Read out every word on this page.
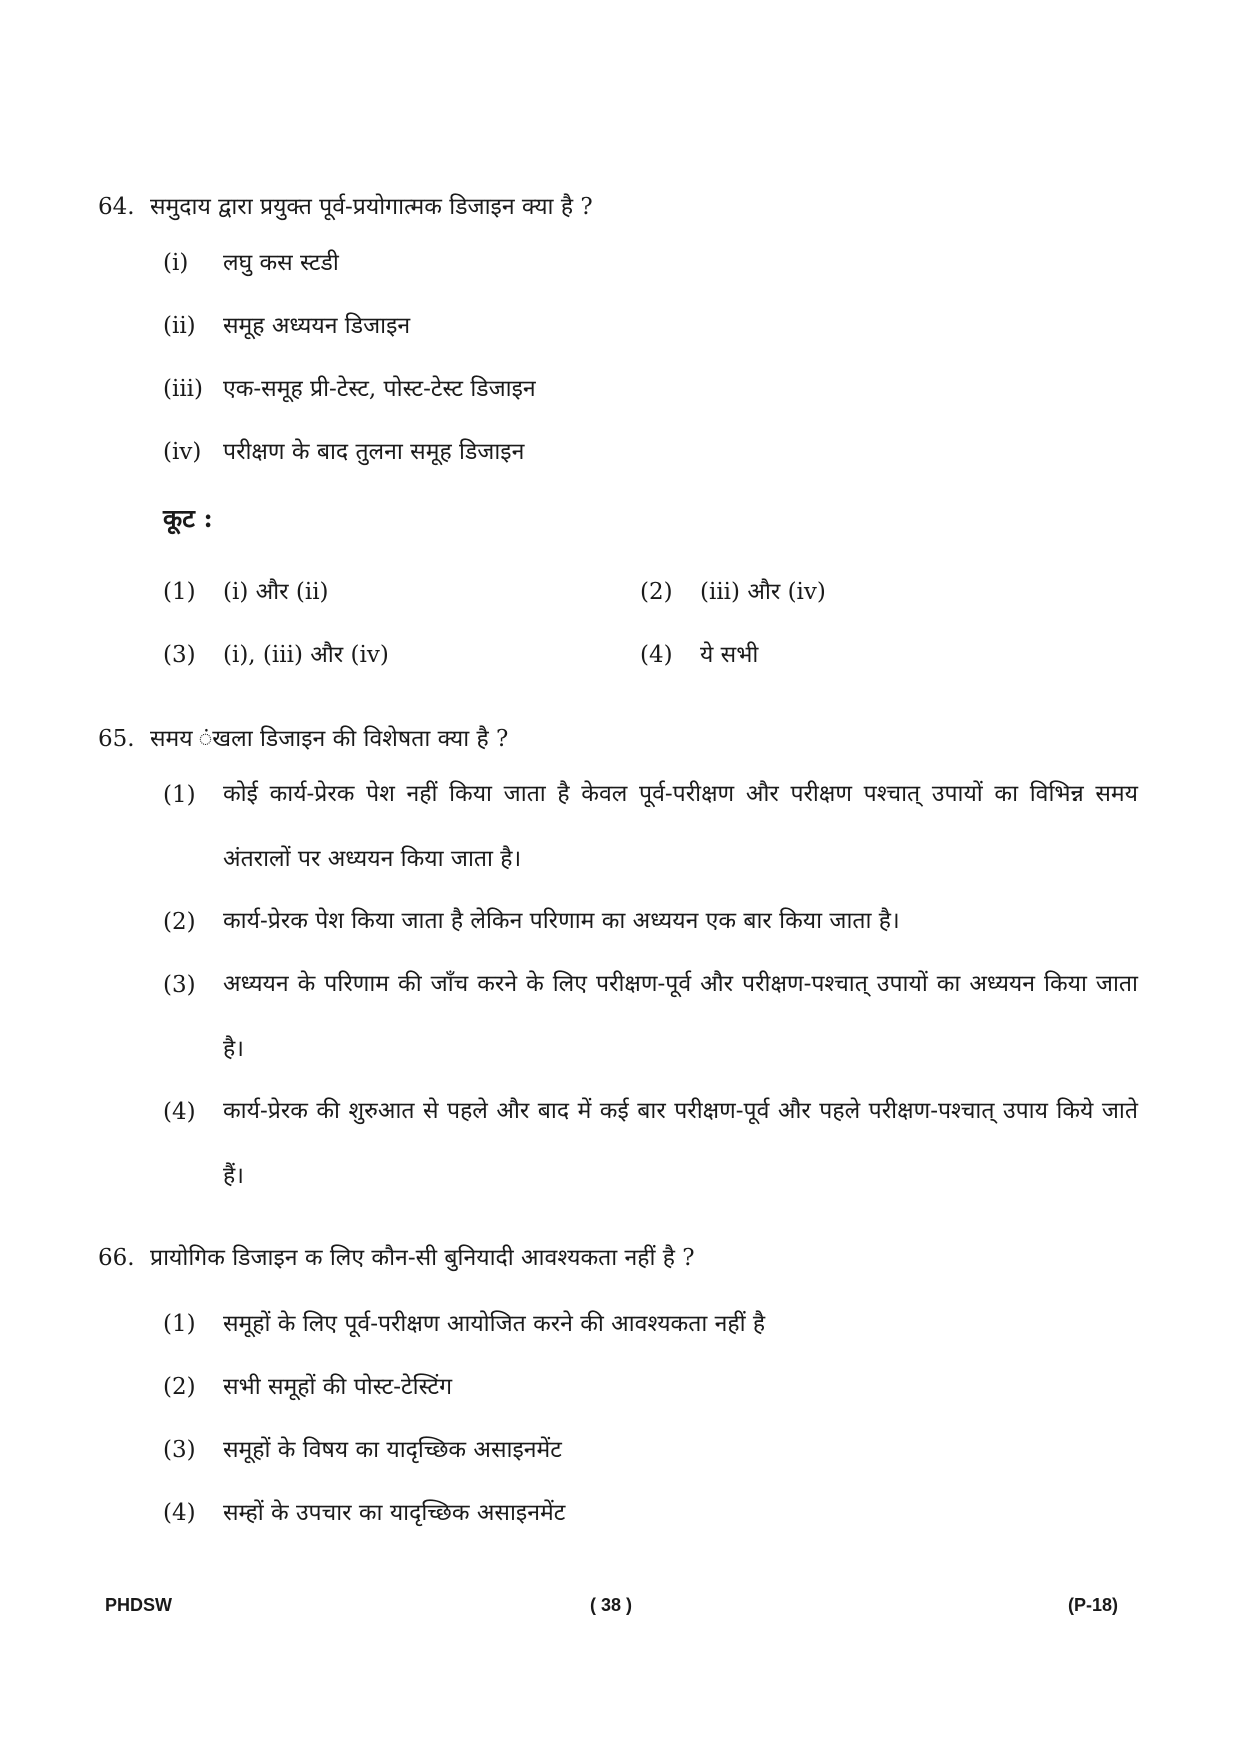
64. समुदाय द्वारा प्रयुक्त पूर्व-प्रयोगात्मक डिजाइन क्या है ?
(i) लघु कस स्टडी
(ii) समूह अध्ययन डिजाइन
(iii) एक-समूह प्री-टेस्ट, पोस्ट-टेस्ट डिजाइन
(iv) परीक्षण के बाद तुलना समूह डिजाइन
कूट :
(1) (i) और (ii)	(2) (iii) और (iv)
(3) (i), (iii) और (iv)	(4) ये सभी
65. समय ंखला डिजाइन की विशेषता क्या है ?
(1)	कोई कार्य-प्रेरक पेश नहीं किया जाता है केवल पूर्व-परीक्षण और परीक्षण पश्चात् उपायों का विभिन्न समय अंतरालों पर अध्ययन किया जाता है।
(2)	कार्य-प्रेरक पेश किया जाता है लेकिन परिणाम का अध्ययन एक बार किया जाता है।
(3)	अध्ययन के परिणाम की जाँच करने के लिए परीक्षण-पूर्व और परीक्षण-पश्चात् उपायों का अध्ययन किया जाता है।
(4)	कार्य-प्रेरक की शुरुआत से पहले और बाद में कई बार परीक्षण-पूर्व और पहले परीक्षण-पश्चात् उपाय किये जाते हैं।
66. प्रायोगिक डिजाइन क लिए कौन-सी बुनियादी आवश्यकता नहीं है ?
(1) समूहों के लिए पूर्व-परीक्षण आयोजित करने की आवश्यकता नहीं है
(2) सभी समूहों की पोस्ट-टेस्टिंग
(3) समूहों के विषय का यादृच्छिक असाइनमेंट
(4) सम्हों के उपचार का यादृच्छिक असाइनमेंट
PHDSW	( 38 )	(P-18)
